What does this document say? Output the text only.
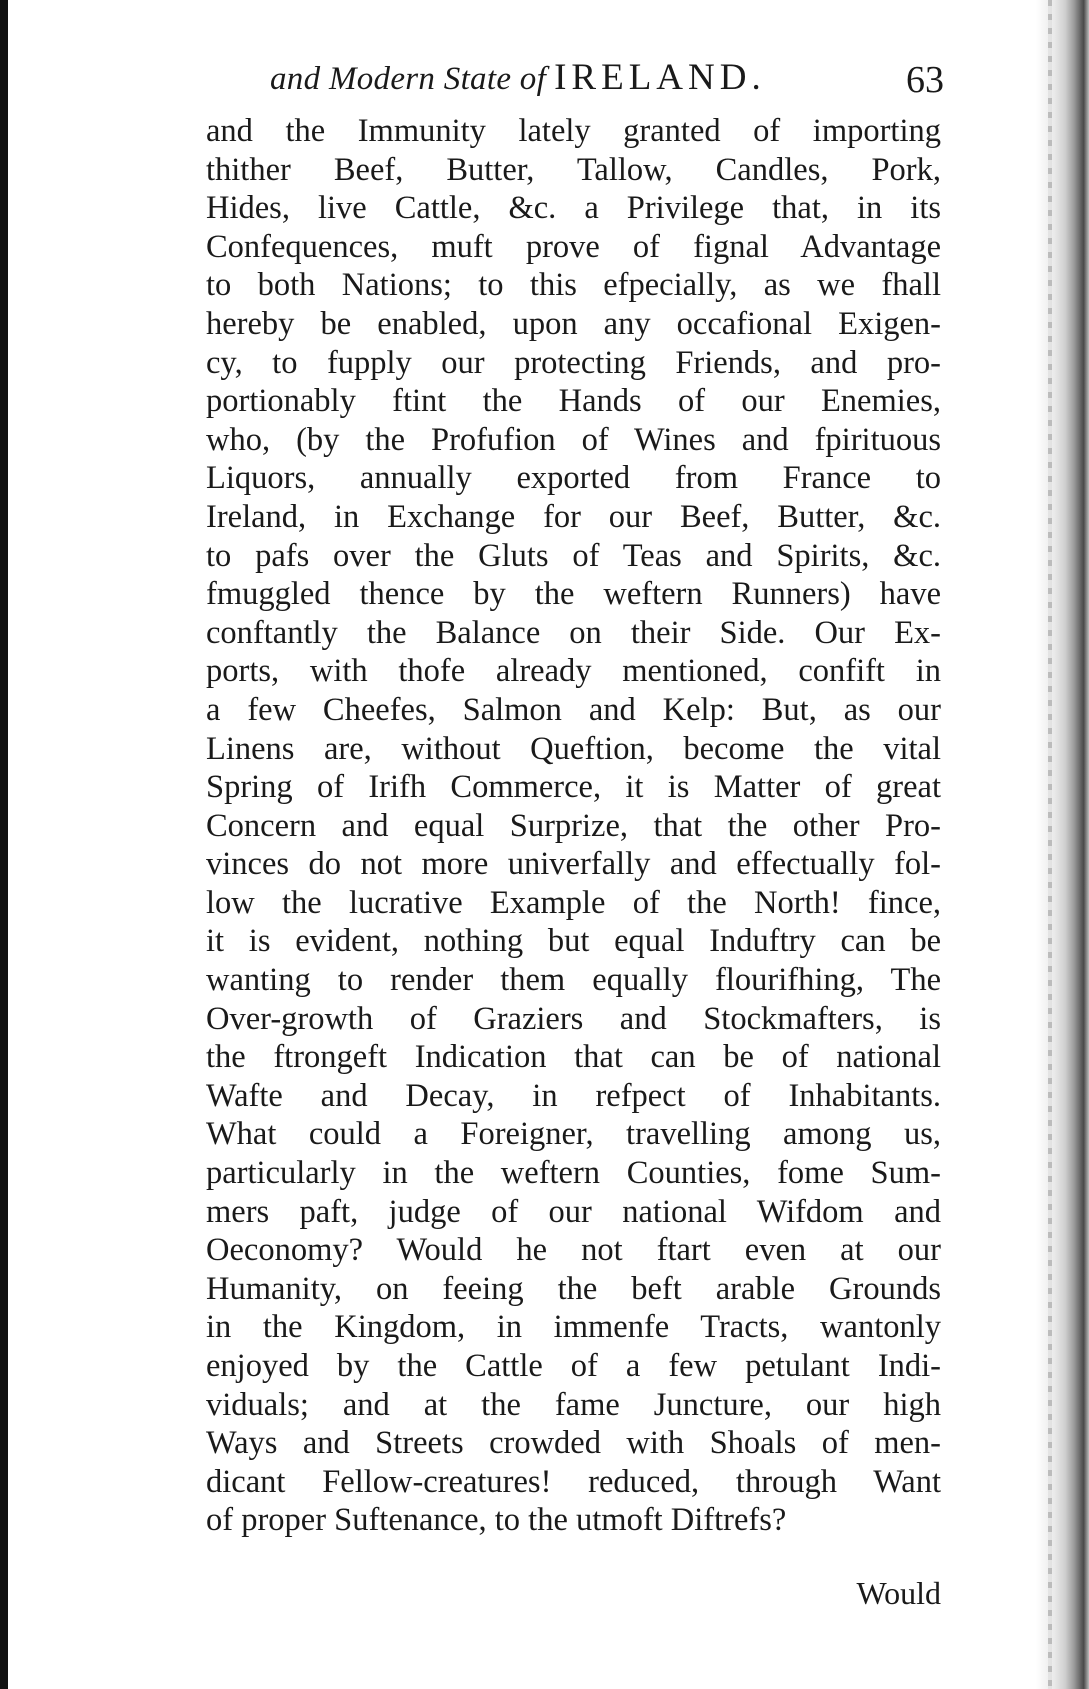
and Modern State of IRELAND.	63
and the Immunity lately granted of importing
thither Beef, Butter, Tallow, Candles, Pork,
Hides, live Cattle, &c. a Privilege that, in its
Confequences, muft prove of fignal Advantage
to both Nations; to this efpecially, as we fhall
hereby be enabled, upon any occafional Exigen-
cy, to fupply our protecting Friends, and pro-
portionably ftint the Hands of our Enemies,
who, (by the Profufion of Wines and fpirituous
Liquors, annually exported from France to
Ireland, in Exchange for our Beef, Butter, &c.
to pafs over the Gluts of Teas and Spirits, &c.
fmuggled thence by the weftern Runners) have
conftantly the Balance on their Side. Our Ex-
ports, with thofe already mentioned, confift in
a few Cheefes, Salmon and Kelp: But, as our
Linens are, without Queftion, become the vital
Spring of Irifh Commerce, it is Matter of great
Concern and equal Surprize, that the other Pro-
vinces do not more univerfally and effectually fol-
low the lucrative Example of the North! fince,
it is evident, nothing but equal Induftry can be
wanting to render them equally flourifhing, The
Over-growth of Graziers and Stockmafters, is
the ftrongeft Indication that can be of national
Wafte and Decay, in refpect of Inhabitants.
What could a Foreigner, travelling among us,
particularly in the weftern Counties, fome Sum-
mers paft, judge of our national Wifdom and
Oeconomy? Would he not ftart even at our
Humanity, on feeing the beft arable Grounds
in the Kingdom, in immenfe Tracts, wantonly
enjoyed by the Cattle of a few petulant Indi-
viduals; and at the fame Juncture, our high
Ways and Streets crowded with Shoals of men-
dicant Fellow-creatures! reduced, through Want
of proper Suftenance, to the utmoft Diftrefs?
Would
